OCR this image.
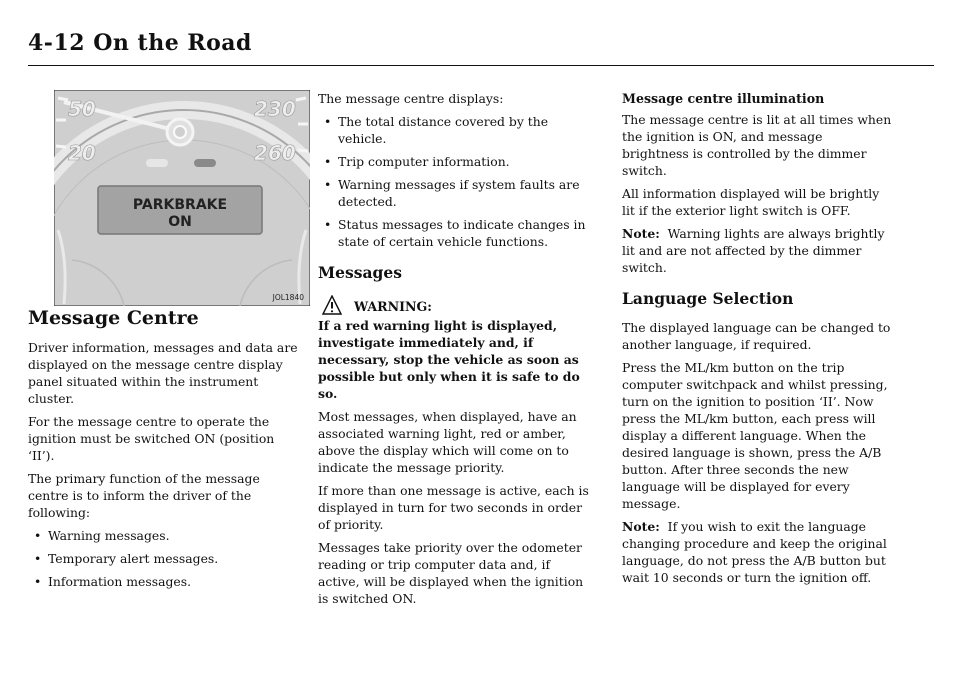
4-12 On the Road
50
20
230
260
PARKBRAKE
ON
JOL1840
Message Centre

Driver information, messages and data are displayed on the message centre display panel situated within the instrument cluster.

For the message centre to operate the ignition must be switched ON (position ‘II’).

The primary function of the message centre is to inform the driver of the following:

• Warning messages.
• Temporary alert messages.
• Information messages.

The message centre displays:

• The total distance covered by the vehicle.
• Trip computer information.
• Warning messages if system faults are detected.
• Status messages to indicate changes in state of certain vehicle functions.
Messages
WARNING:

If a red warning light is displayed, investigate immediately and, if necessary, stop the vehicle as soon as possible but only when it is safe to do so.

Most messages, when displayed, have an associated warning light, red or amber, above the display which will come on to indicate the message priority.

If more than one message is active, each is displayed in turn for two seconds in order of priority.

Messages take priority over the odometer reading or trip computer data and, if active, will be displayed when the ignition is switched ON.

Message centre illumination

The message centre is lit at all times when the ignition is ON, and message brightness is controlled by the dimmer switch.

All information displayed will be brightly lit if the exterior light switch is OFF.

Note: Warning lights are always brightly lit and are not affected by the dimmer switch.

Language Selection

The displayed language can be changed to another language, if required.

Press the ML/km button on the trip computer switchpack and whilst pressing, turn on the ignition to position ‘II’. Now press the ML/km button, each press will display a different language. When the desired language is shown, press the A/B button. After three seconds the new language will be displayed for every message.

Note: If you wish to exit the language changing procedure and keep the original language, do not press the A/B button but wait 10 seconds or turn the ignition off.
